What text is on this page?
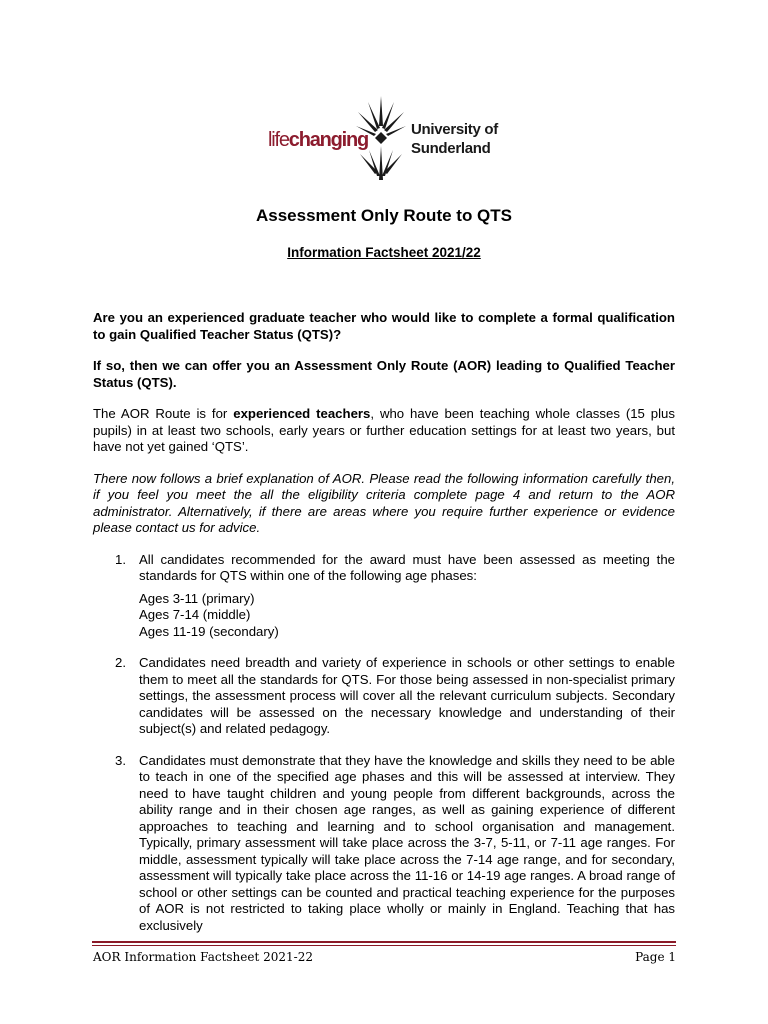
lifechanging	University of
Sunderland
Assessment Only Route to QTS
Information Factsheet 2021/22

Are you an experienced graduate teacher who would like to complete a formal qualification to gain Qualified Teacher Status (QTS)?

If so, then we can offer you an Assessment Only Route (AOR) leading to Qualified Teacher Status (QTS).

The AOR Route is for experienced teachers, who have been teaching whole classes (15 plus pupils) in at least two schools, early years or further education settings for at least two years, but have not yet gained ‘QTS’.

There now follows a brief explanation of AOR. Please read the following information carefully then, if you feel you meet the all the eligibility criteria complete page 4 and return to the AOR administrator. Alternatively, if there are areas where you require further experience or evidence please contact us for advice.

1. All candidates recommended for the award must have been assessed as meeting the standards for QTS within one of the following age phases:
Ages 3-11 (primary)
Ages 7-14 (middle)
Ages 11-19 (secondary)
2. Candidates need breadth and variety of experience in schools or other settings to enable them to meet all the standards for QTS. For those being assessed in non-specialist primary settings, the assessment process will cover all the relevant curriculum subjects. Secondary candidates will be assessed on the necessary knowledge and understanding of their subject(s) and related pedagogy.
3. Candidates must demonstrate that they have the knowledge and skills they need to be able to teach in one of the specified age phases and this will be assessed at interview. They need to have taught children and young people from different backgrounds, across the ability range and in their chosen age ranges, as well as gaining experience of different approaches to teaching and learning and to school organisation and management. Typically, primary assessment will take place across the 3-7, 5-11, or 7-11 age ranges. For middle, assessment typically will take place across the 7-14 age range, and for secondary, assessment will typically take place across the 11-16 or 14-19 age ranges. A broad range of school or other settings can be counted and practical teaching experience for the purposes of AOR is not restricted to taking place wholly or mainly in England. Teaching that has exclusively
AOR Information Factsheet 2021-22	Page 1
